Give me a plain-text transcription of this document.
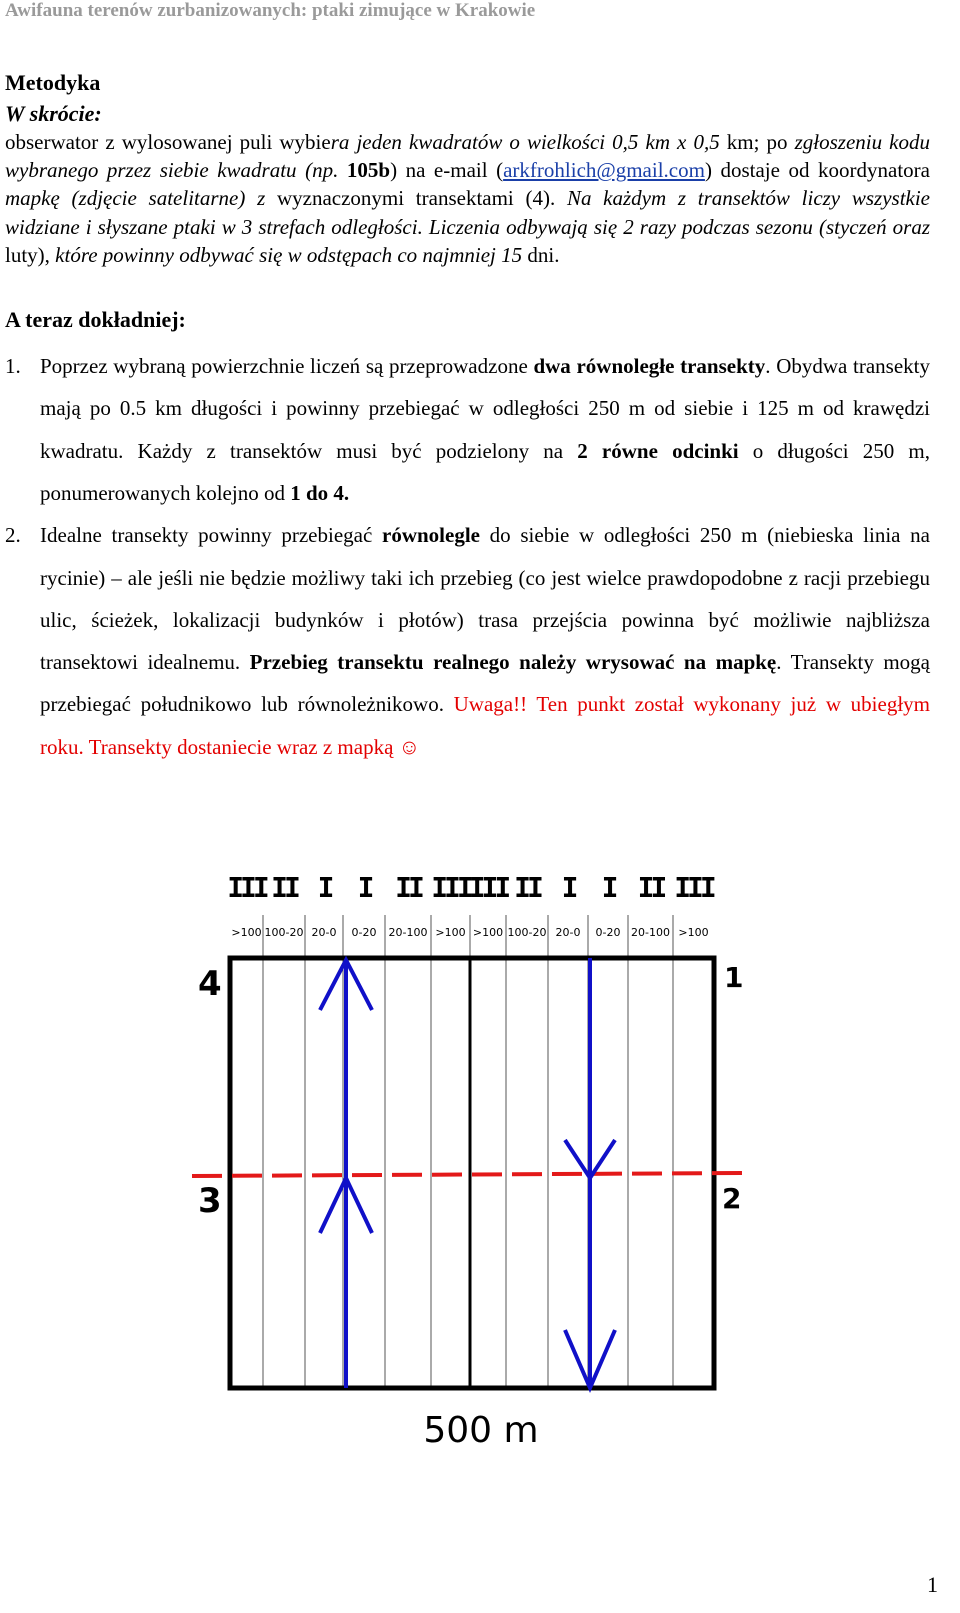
Awifauna terenów zurbanizowanych: ptaki zimujące w Krakowie
Metodyka
W skrócie:

obserwator z wylosowanej puli wybiera jeden kwadratów o wielkości 0,5 km x 0,5 km; po zgłoszeniu kodu wybranego przez siebie kwadratu (np. 105b) na e-mail (arkfrohlich@gmail.com) dostaje od koordynatora mapkę (zdjęcie satelitarne) z wyznaczonymi transektami (4). Na każdym z transektów liczy wszystkie widziane i słyszane ptaki w 3 strefach odległości. Liczenia odbywają się 2 razy podczas sezonu (styczeń oraz luty), które powinny odbywać się w odstępach co najmniej 15 dni.

A teraz dokładniej:
1. Poprzez wybraną powierzchnie liczeń są przeprowadzone dwa równoległe transekty. Obydwa transekty mają po 0.5 km długości i powinny przebiegać w odległości 250 m od siebie i 125 m od krawędzi kwadratu. Każdy z transektów musi być podzielony na 2 równe odcinki o długości 250 m, ponumerowanych kolejno od 1 do 4.
2. Idealne transekty powinny przebiegać równolegle do siebie w odległości 250 m (niebieska linia na rycinie) – ale jeśli nie będzie możliwy taki ich przebieg (co jest wielce prawdopodobne z racji przebiegu ulic, ścieżek, lokalizacji budynków i płotów) trasa przejścia powinna być możliwie najbliższa transektowi idealnemu. Przebieg transektu realnego należy wrysować na mapkę. Transekty mogą przebiegać południkowo lub równoleżnikowo. Uwaga!! Ten punkt został wykonany już w ubiegłym roku. Transekty dostaniecie wraz z mapką ☺
III II I I II III
III II I I II III
>100 100-20 20-0 0-20 20-100 >100 >100 100-20 20-0 0-20 20-100 >100
4	1
3	2
500 m
1
